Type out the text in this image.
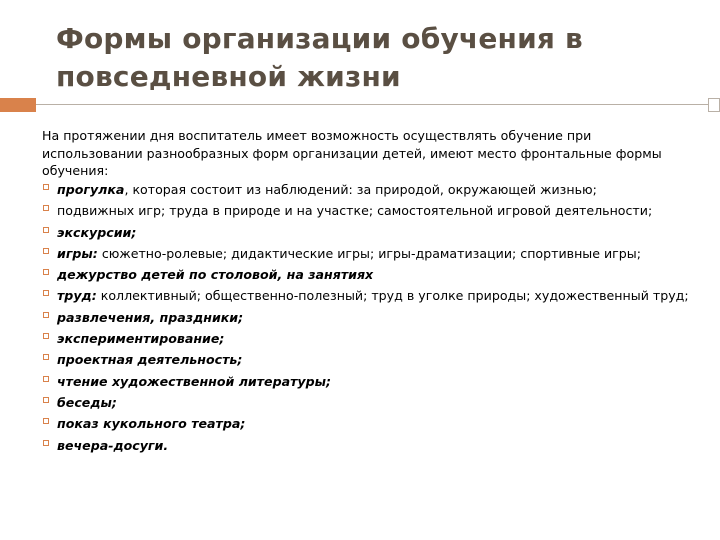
Формы организации обучения в повседневной жизни

На протяжении дня воспитатель имеет возможность осуществлять обучение при использовании разнообразных форм организации детей, имеют место фронтальные формы обучения:

прогулка, которая состоит из наблюдений: за природой, окружающей жизнью;
подвижных игр; труда в природе и на участке; самостоятельной игровой деятельности;
экскурсии;
игры: сюжетно-ролевые; дидактические игры; игры-драматизации; спортивные игры;
дежурство детей по столовой, на занятиях
труд: коллективный; общественно-полезный; труд в уголке природы; художественный труд;
развлечения, праздники;
экспериментирование;
проектная деятельность;
чтение художественной литературы;
беседы;
показ кукольного театра;
вечера-досуги.
